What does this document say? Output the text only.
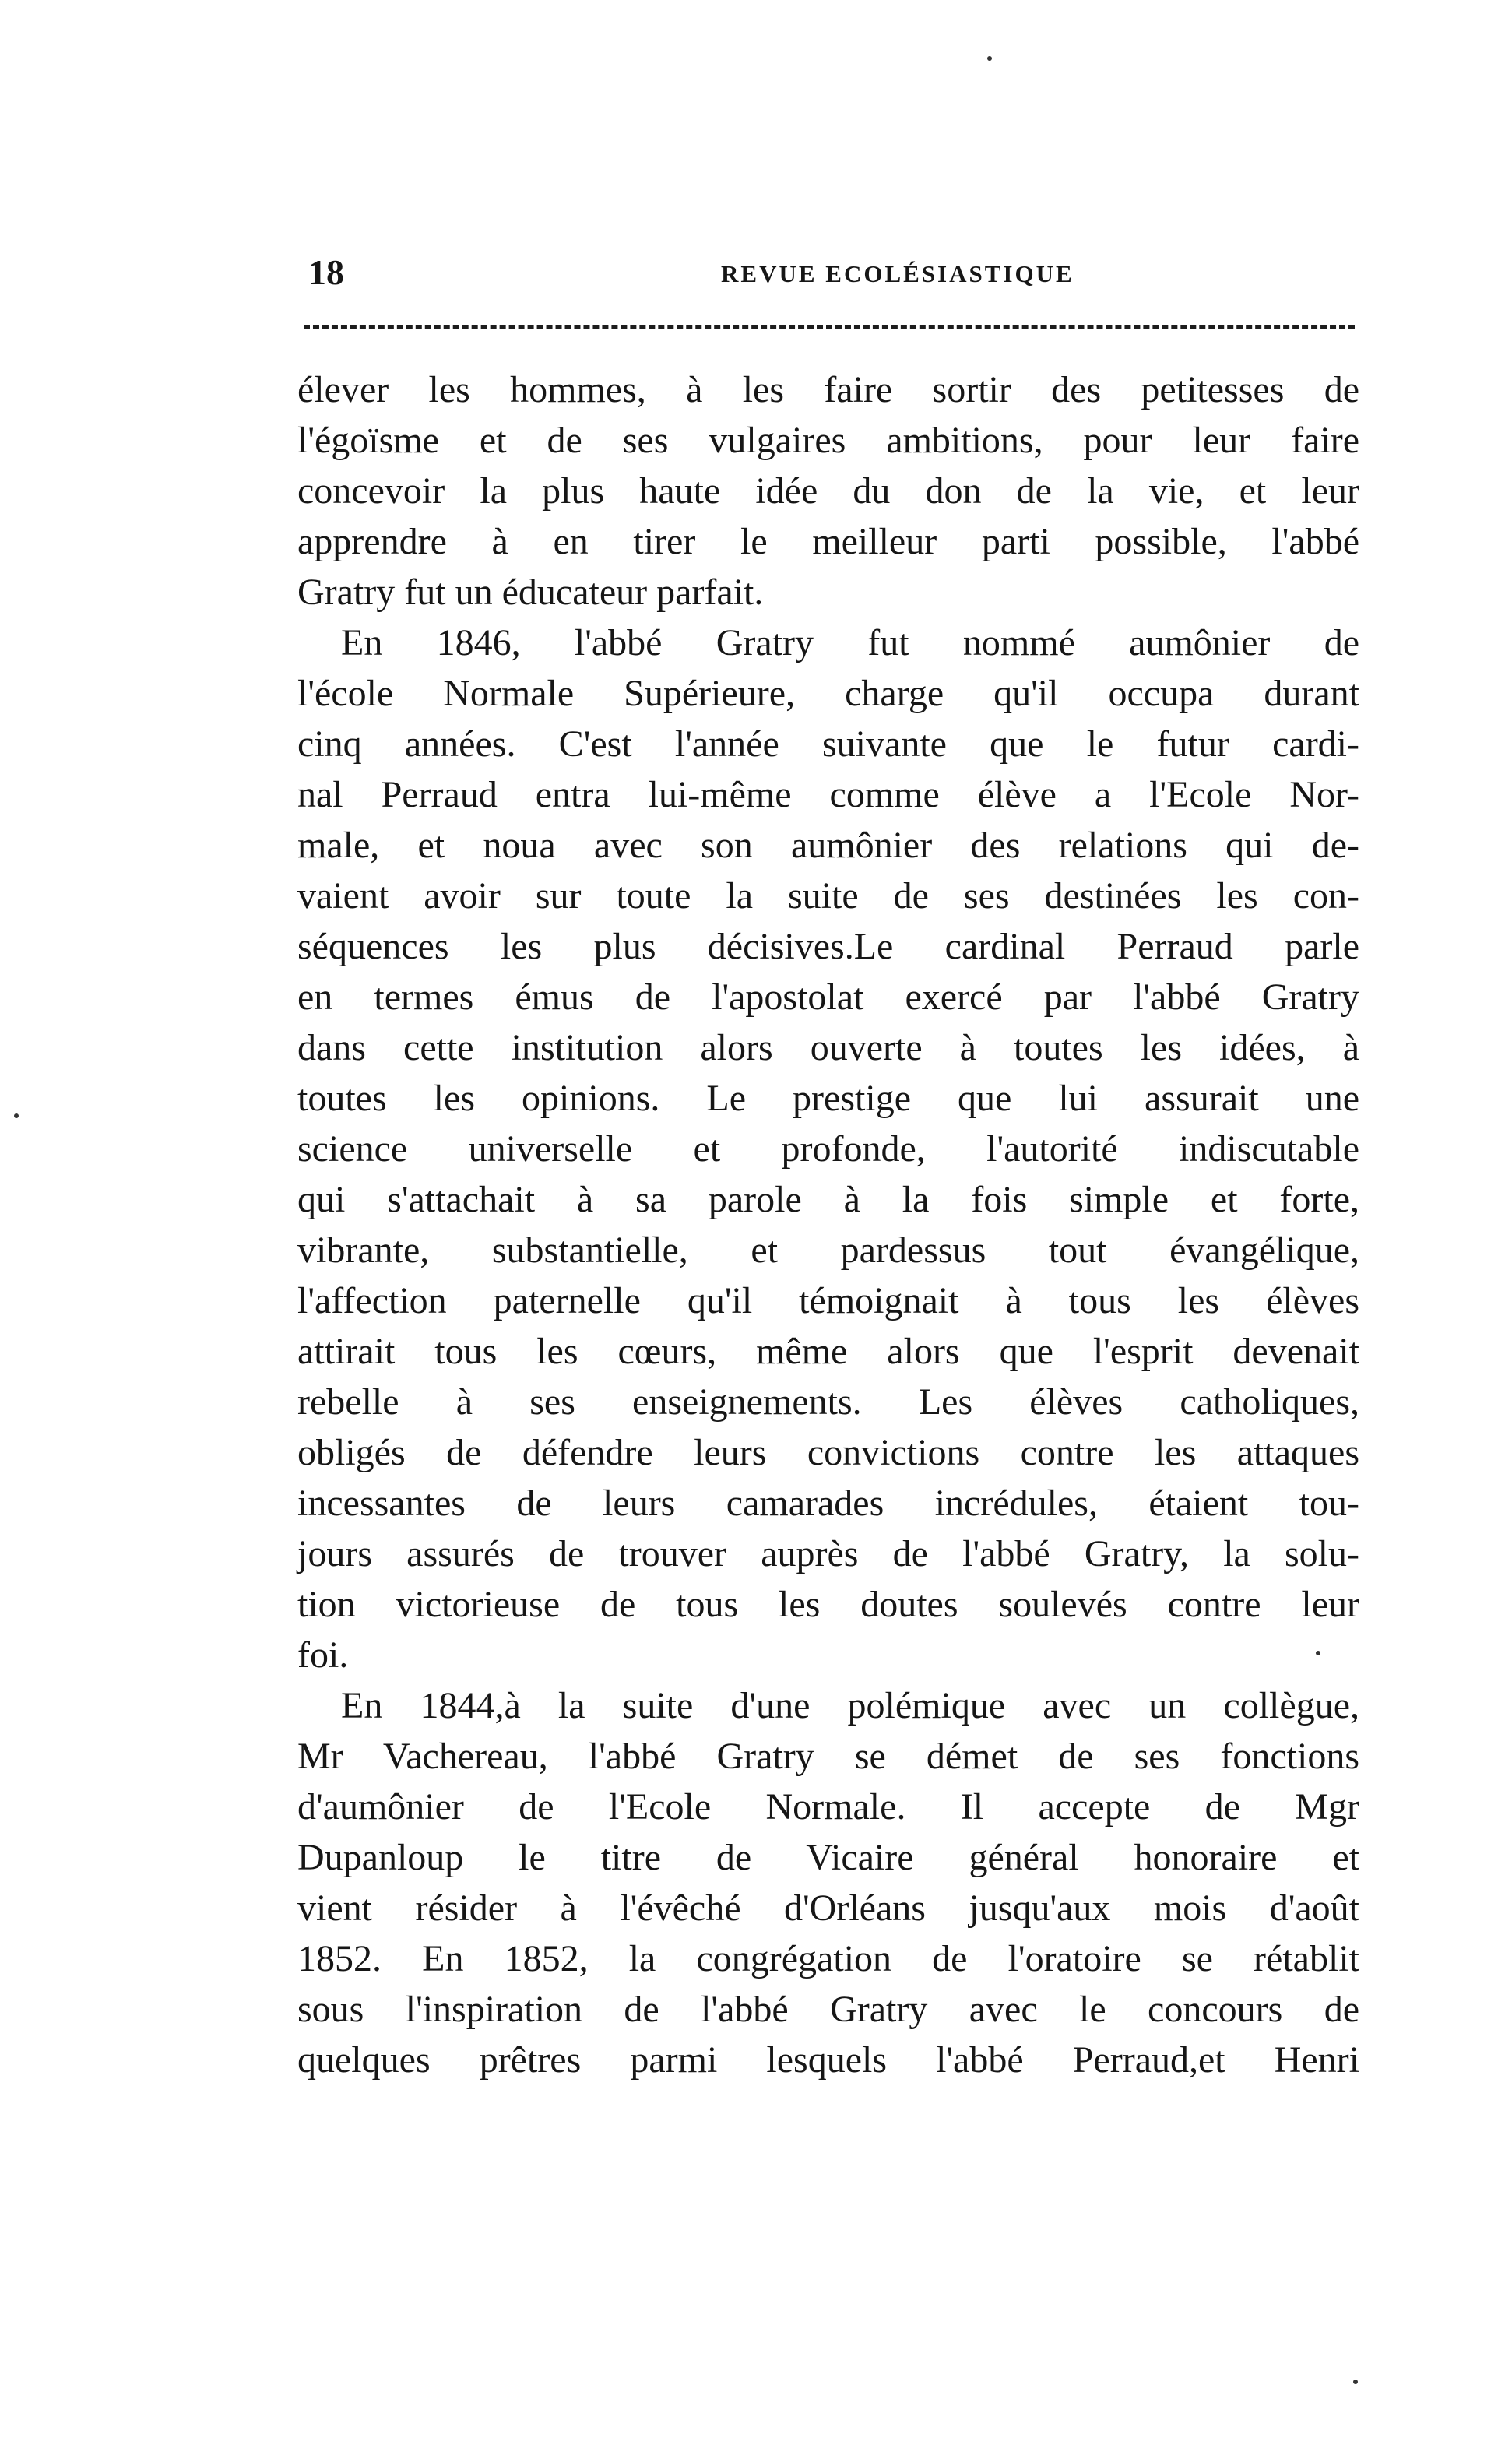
18	REVUE ECOLÉSIASTIQUE
élever les hommes, à les faire sortir des petitesses de
l'égoïsme et de ses vulgaires ambitions, pour leur faire
concevoir la plus haute idée du don de la vie, et leur
apprendre à en tirer le meilleur parti possible, l'abbé
Gratry fut un éducateur parfait.
En 1846, l'abbé Gratry fut nommé aumônier de
l'école Normale Supérieure, charge qu'il occupa durant
cinq années. C'est l'année suivante que le futur cardi-
nal Perraud entra lui-même comme élève a l'Ecole Nor-
male, et noua avec son aumônier des relations qui de-
vaient avoir sur toute la suite de ses destinées les con-
séquences les plus décisives.Le cardinal Perraud parle
en termes émus de l'apostolat exercé par l'abbé Gratry
dans cette institution alors ouverte à toutes les idées, à
toutes les opinions. Le prestige que lui assurait une
science universelle et profonde, l'autorité indiscutable
qui s'attachait à sa parole à la fois simple et forte,
vibrante, substantielle, et pardessus tout évangélique,
l'affection paternelle qu'il témoignait à tous les élèves
attirait tous les cœurs, même alors que l'esprit devenait
rebelle à ses enseignements. Les élèves catholiques,
obligés de défendre leurs convictions contre les attaques
incessantes de leurs camarades incrédules, étaient tou-
jours assurés de trouver auprès de l'abbé Gratry, la solu-
tion victorieuse de tous les doutes soulevés contre leur
foi.
En 1844,à la suite d'une polémique avec un collègue,
Mr Vachereau, l'abbé Gratry se démet de ses fonctions
d'aumônier de l'Ecole Normale. Il accepte de Mgr
Dupanloup le titre de Vicaire général honoraire et
vient résider à l'évêché d'Orléans jusqu'aux mois d'août
1852. En 1852, la congrégation de l'oratoire se rétablit
sous l'inspiration de l'abbé Gratry avec le concours de
quelques prêtres parmi lesquels l'abbé Perraud,et Henri
